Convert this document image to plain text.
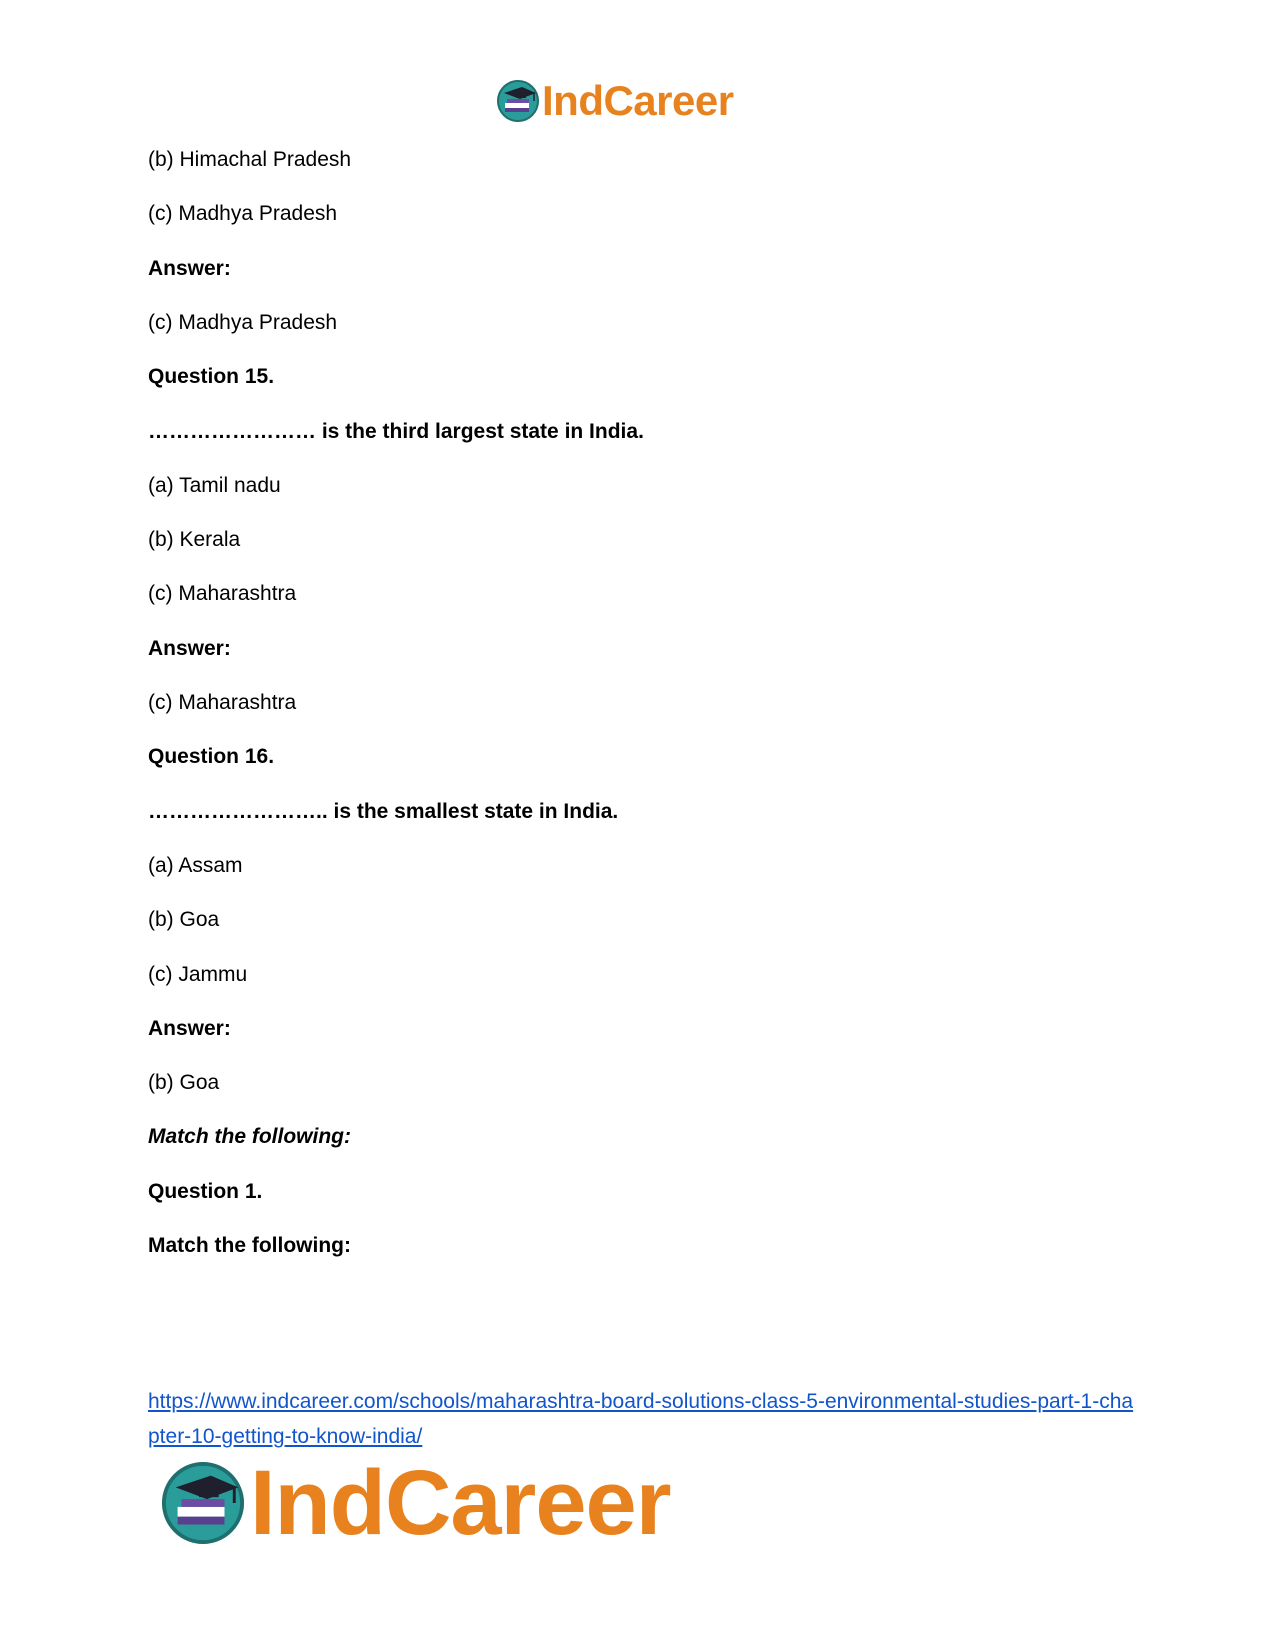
IndCareer
(b) Himachal Pradesh
(c) Madhya Pradesh
Answer:
(c) Madhya Pradesh
Question 15.
…………………… is the third largest state in India.
(a) Tamil nadu
(b) Kerala
(c) Maharashtra
Answer:
(c) Maharashtra
Question 16.
…………………….. is the smallest state in India.
(a) Assam
(b) Goa
(c) Jammu
Answer:
(b) Goa
Match the following:
Question 1.
Match the following:
https://www.indcareer.com/schools/maharashtra-board-solutions-class-5-environmental-studies-part-1-chapter-10-getting-to-know-india/
IndCareer
